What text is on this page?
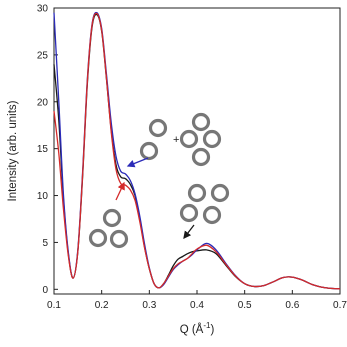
0.1	0.2	0.3	0.4	0.5	0.6	0.7
0
5
10
15
20
25
30
+
Q $(Å^{-1})$
Intensity (arb. units)
